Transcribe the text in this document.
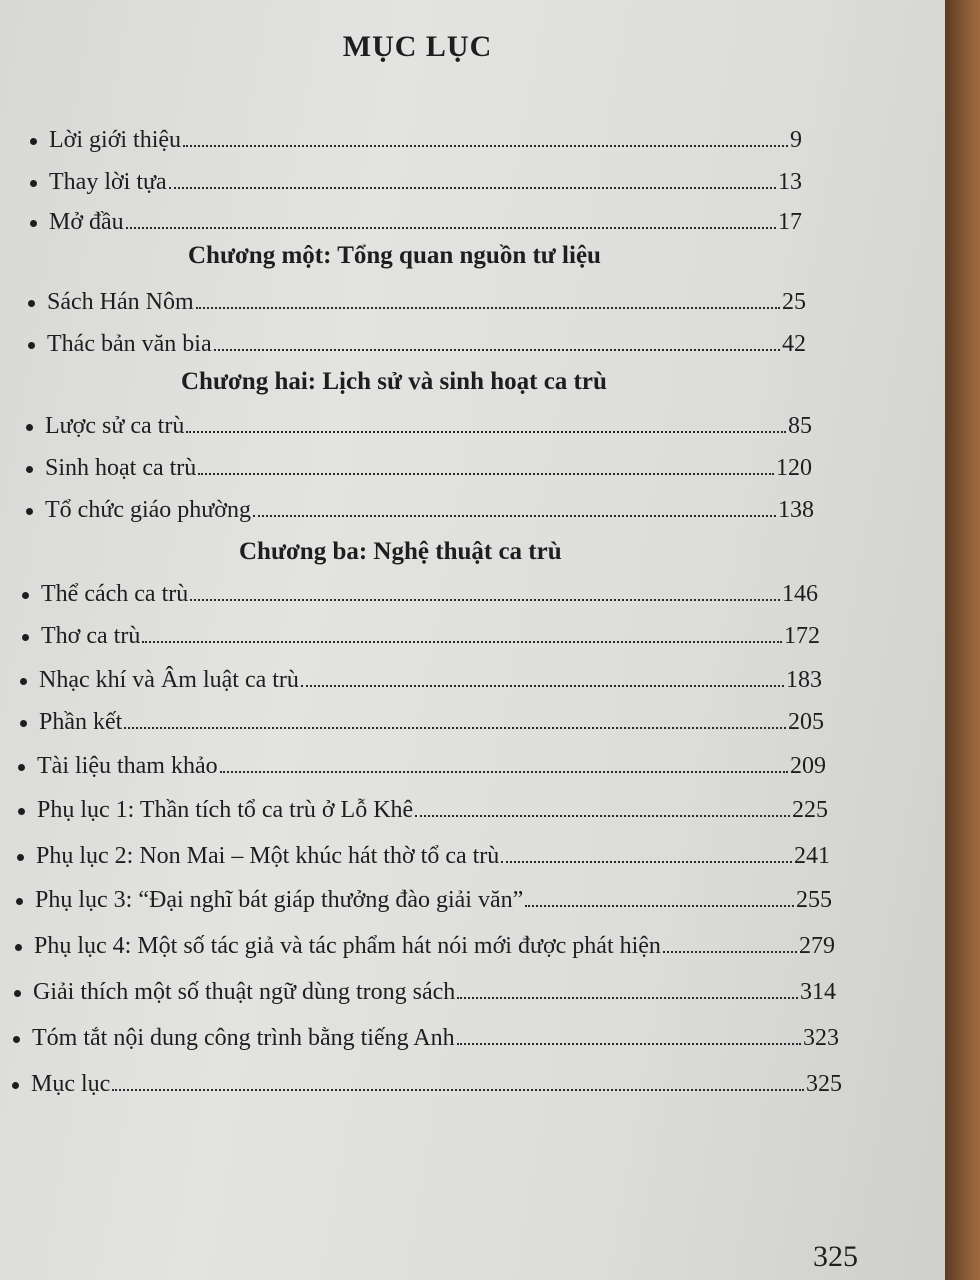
MỤC LỤC
Lời giới thiệu	9
Thay lời tựa	13
Mở đầu	17
Chương một: Tổng quan nguồn tư liệu
Sách Hán Nôm	25
Thác bản văn bia	42
Chương hai: Lịch sử và sinh hoạt ca trù
Lược sử ca trù	85
Sinh hoạt ca trù	120
Tổ chức giáo phường	138
Chương ba: Nghệ thuật ca trù
Thể cách ca trù	146
Thơ ca trù	172
Nhạc khí và Âm luật ca trù	183
Phần kết	205
Tài liệu tham khảo	209
Phụ lục 1: Thần tích tổ ca trù ở Lỗ Khê	225
Phụ lục 2: Non Mai – Một khúc hát thờ tổ ca trù	241
Phụ lục 3: “Đại nghĩ bát giáp thưởng đào giải văn”	255
Phụ lục 4: Một số tác giả và tác phẩm hát nói mới được phát hiện	279
Giải thích một số thuật ngữ dùng trong sách	314
Tóm tắt nội dung công trình bằng tiếng Anh	323
Mục lục	325
325
